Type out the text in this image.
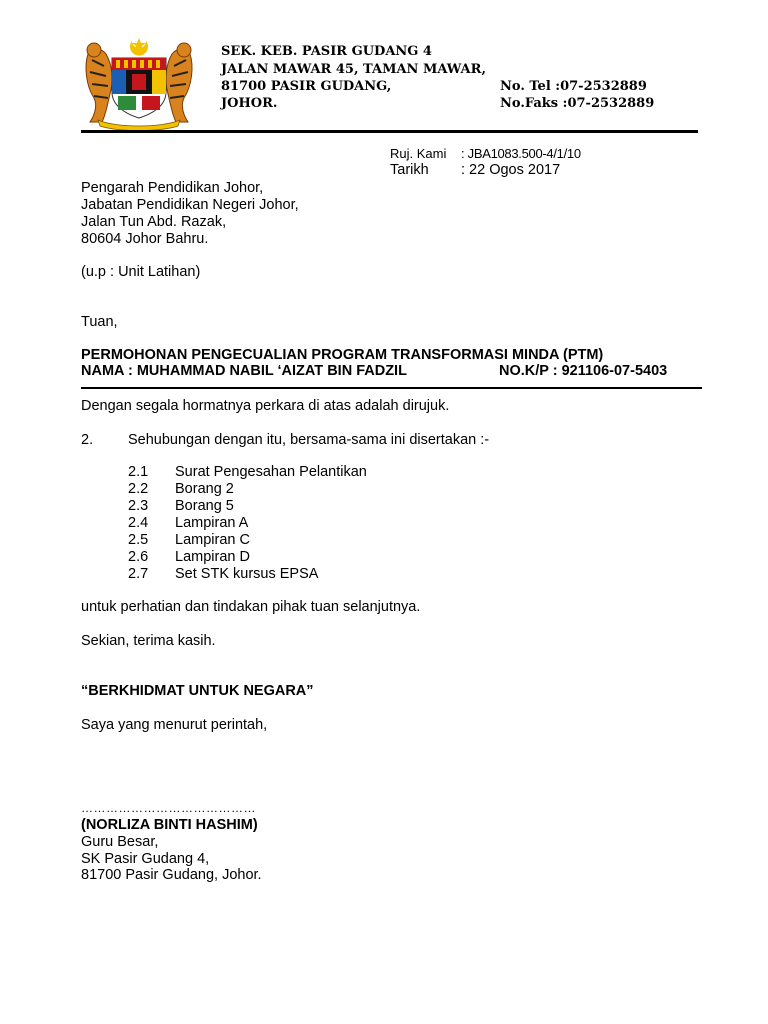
SEK. KEB. PASIR GUDANG 4
JALAN MAWAR 45, TAMAN MAWAR,
81700 PASIR GUDANG,
JOHOR.
No. Tel :07-2532889
No.Faks :07-2532889
Ruj. Kami : JBA1083.500-4/1/10
Tarikh : 22 Ogos 2017
Pengarah Pendidikan Johor,
Jabatan Pendidikan Negeri Johor,
Jalan Tun Abd. Razak,
80604 Johor Bahru.
(u.p : Unit Latihan)
Tuan,
PERMOHONAN PENGECUALIAN PROGRAM TRANSFORMASI MINDA (PTM)
NAMA : MUHAMMAD NABIL ‘AIZAT BIN FADZIL	NO.K/P : 921106-07-5403
Dengan segala hormatnya perkara di atas adalah dirujuk.
2. Sehubungan dengan itu, bersama-sama ini disertakan :-
2.1 Surat Pengesahan Pelantikan
2.2 Borang 2
2.3 Borang 5
2.4 Lampiran A
2.5 Lampiran C
2.6 Lampiran D
2.7 Set STK kursus EPSA
untuk perhatian dan tindakan pihak tuan selanjutnya.
Sekian, terima kasih.
“BERKHIDMAT UNTUK NEGARA”
Saya yang menurut perintah,
……………………………………
(NORLIZA BINTI HASHIM)
Guru Besar,
SK Pasir Gudang 4,
81700 Pasir Gudang, Johor.
